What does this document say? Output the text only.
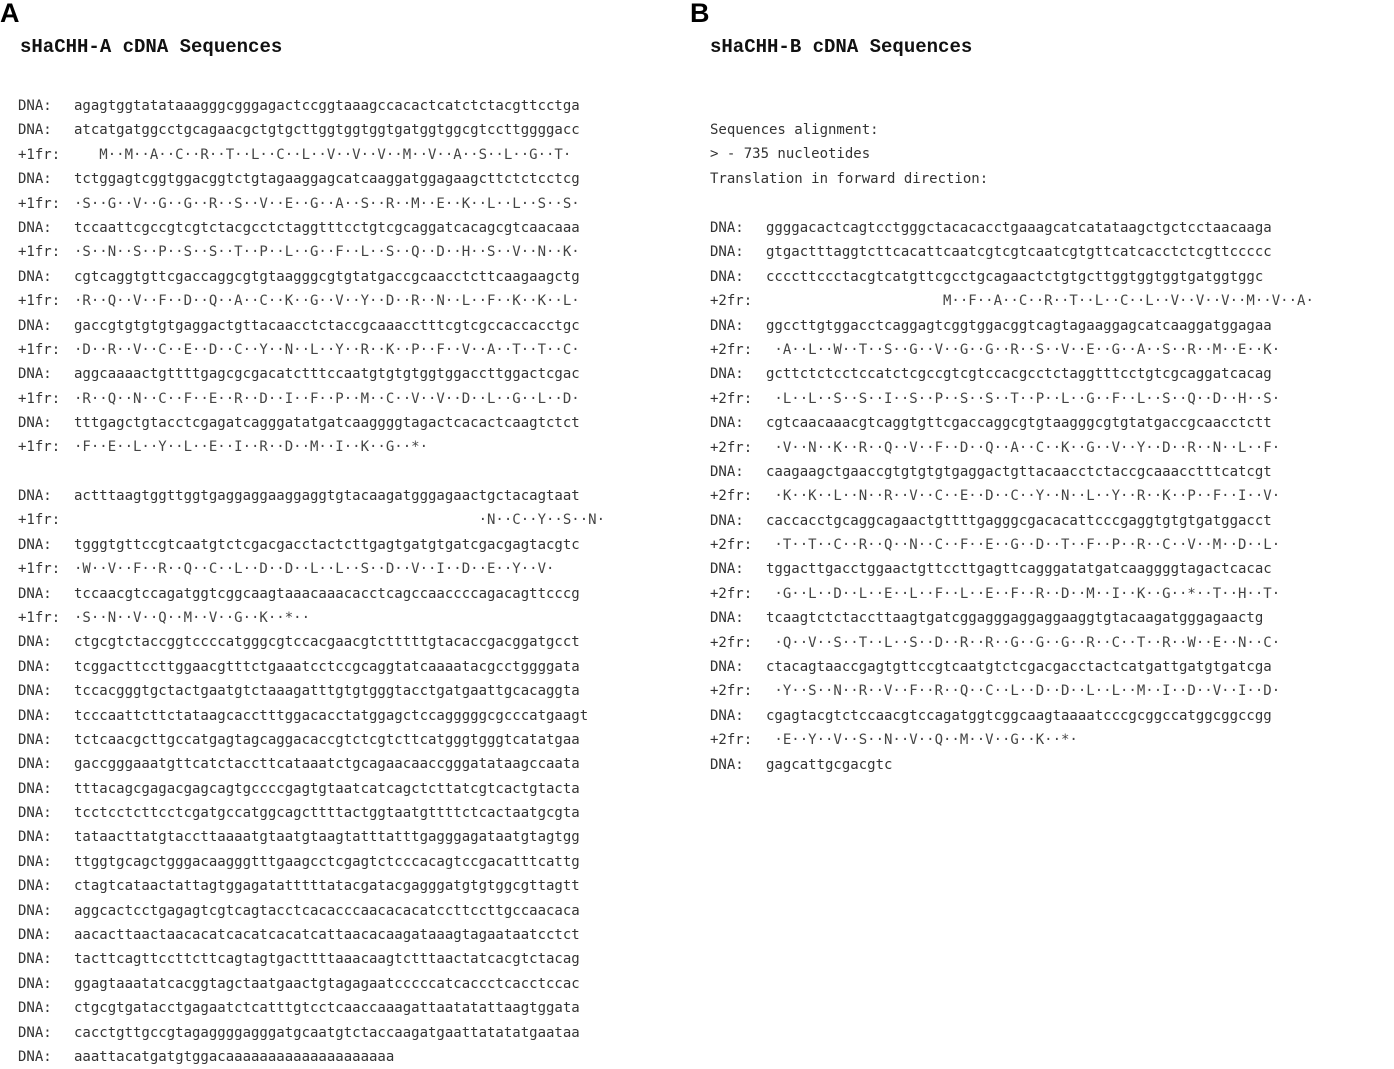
A
sHaCHH-A cDNA Sequences
DNA: agagtggtatataaagggcgggagactccggtaaagccacactcatctctacgttcctga
DNA: atcatgatggcctgcagaacgctgtgcttggtggtggtgatggtggcgtccttggggacc
+1fr:   M··M··A··C··R··T··L··C··L··V··V··V··M··V··A··S··L··G··T·
DNA: tctggagtcggtggacggtctgtagaaggagcatcaaggatggagaagcttctctcctcg
+1fr: ·S··G··V··G··G··R··S··V··E··G··A··S··R··M··E··K··L··L··S··S·
DNA: tccaattcgccgtcgtctacgcctctaggtttcctgtcgcaggatcacagcgtcaacaaa
+1fr: ·S··N··S··P··S··S··T··P··L··G··F··L··S··Q··D··H··S··V··N··K·
DNA: cgtcaggtgttcgaccaggcgtgtaagggcgtgtatgaccgcaacctcttcaagaagctg
+1fr: ·R··Q··V··F··D··Q··A··C··K··G··V··Y··D··R··N··L··F··K··K··L·
DNA: gaccgtgtgtgtgaggactgttacaacctctaccgcaaacctttcgtcgccaccacctgc
+1fr: ·D··R··V··C··E··D··C··Y··N··L··Y··R··K··P··F··V··A··T··T··C·
DNA: aggcaaaactgttttgagcgcgacatctttccaatgtgtgtggtggaccttggactcgac
+1fr: ·R··Q··N··C··F··E··R··D··I··F··P··M··C··V··V··D··L··G··L··D·
DNA: tttgagctgtacctcgagatcagggatatgatcaaggggtagactcacactcaagtctct
+1fr: ·F··E··L··Y··L··E··I··R··D··M··I··K··G··*·
DNA: actttaagtggttggtgaggaggaaggaggtgtacaagatgggagaactgctacagtaat
+1fr:                                                ·N··C··Y··S··N·
DNA: tgggtgttccgtcaatgtctcgacgacctactcttgagtgatgtgatcgacgagtacgtc
+1fr: ·W··V··F··R··Q··C··L··D··D··L··L··S··D··V··I··D··E··Y··V·
DNA: tccaacgtccagatggtcggcaagtaaacaaacacctcagccaaccccagacagttcccg
+1fr: ·S··N··V··Q··M··V··G··K··*··
DNA: ctgcgtctaccggtccccatgggcgtccacgaacgtctttttgtacaccgacggatgcct
DNA: tcggacttccttggaacgtttctgaaatcctccgcaggtatcaaaatacgcctggggata
DNA: tccacgggtgctactgaatgtctaaagatttgtgtgggtacctgatgaattgcacaggta
DNA: tcccaattcttctataagcacctttggacacctatggagctccagggggcgcccatgaagt
DNA: tctcaacgcttgccatgagtagcaggacaccgtctcgtcttcatgggtgggtcatatgaa
DNA: gaccgggaaatgttcatctaccttcataaatctgcagaacaaccgggatataagccaata
DNA: tttacagcgagacgagcagtgccccgagtgtaatcatcagctcttatcgtcactgtacta
DNA: tcctcctcttcctcgatgccatggcagcttttactggtaatgttttctcactaatgcgta
DNA: tataacttatgtaccttaaaatgtaatgtaagtatttatttgagggagataatgtagtgg
DNA: ttggtgcagctgggacaagggtttgaagcctcgagtctcccacagtccgacatttcattg
DNA: ctagtcataactattagtggagatatttttatacgatacgagggatgtgtggcgttagtt
DNA: aggcactcctgagagtcgtcagtacctcacacccaacacacatccttccttgccaacaca
DNA: aacacttaactaacacatcacatcacatcattaacacaagataaagtagaataatcctct
DNA: tacttcagttccttcttcagtagtgacttttaaacaagtctttaactatcacgtctacag
DNA: ggagtaaatatcacggtagctaatgaactgtagagaatcccccatcaccctcacctccac
DNA: ctgcgtgatacctgagaatctcatttgtcctcaaccaaagattaatatattaagtggata
DNA: cacctgttgccgtagaggggagggatgcaatgtctaccaagatgaattatatatgaataa
DNA: aaattacatgatgtggacaaaaaaaaaaaaaaaaaaaa
B
sHaCHH-B cDNA Sequences
Sequences alignment:
> - 735 nucleotides
Translation in forward direction:
DNA: ggggacactcagtcctgggctacacacctgaaagcatcatataagctgctcctaacaaga
DNA: gtgactttaggtcttcacattcaatcgtcgtcaatcgtgttcatcacctctcgttccccc
DNA: ccccttccctacgtcatgttcgcctgcagaactctgtgcttggtggtggtgatggtggc
+2fr:                     M··F··A··C··R··T··L··C··L··V··V··V··M··V··A·
DNA: ggccttgtggacctcaggagtcggtggacggtcagtagaaggagcatcaaggatggagaa
+2fr: ·A··L··W··T··S··G··V··G··G··R··S··V··E··G··A··S··R··M··E··K·
DNA: gcttctctcctccatctcgccgtcgtccacgcctctaggtttcctgtcgcaggatcacag
+2fr: ·L··L··S··S··I··S··P··S··S··T··P··L··G··F··L··S··Q··D··H··S·
DNA: cgtcaacaaacgtcaggtgttcgaccaggcgtgtaagggcgtgtatgaccgcaacctctt
+2fr: ·V··N··K··R··Q··V··F··D··Q··A··C··K··G··V··Y··D··R··N··L··F·
DNA: caagaagctgaaccgtgtgtgtgaggactgttacaacctctaccgcaaacctttcatcgt
+2fr: ·K··K··L··N··R··V··C··E··D··C··Y··N··L··Y··R··K··P··F··I··V·
DNA: caccacctgcaggcagaactgttttgagggcgacacattcccgaggtgtgtgatggacct
+2fr: ·T··T··C··R··Q··N··C··F··E··G··D··T··F··P··R··C··V··M··D··L·
DNA: tggacttgacctggaactgttccttgagttcagggatatgatcaaggggtagactcacac
+2fr: ·G··L··D··L··E··L··F··L··E··F··R··D··M··I··K··G··*··T··H··T·
DNA: tcaagtctctaccttaagtgatcggagggaggaggaaggtgtacaagatgggagaactg
+2fr: ·Q··V··S··T··L··S··D··R··R··G··G··G··R··C··T··R··W··E··N··C·
DNA: ctacagtaaccgagtgttccgtcaatgtctcgacgacctactcatgattgatgtgatcga
+2fr: ·Y··S··N··R··V··F··R··Q··C··L··D··D··L··L··M··I··D··V··I··D·
DNA: cgagtacgtctccaacgtccagatggtcggcaagtaaaatcccgcggccatggcggccgg
+2fr: ·E··Y··V··S··N··V··Q··M··V··G··K··*·
DNA: gagcattgcgacgtc
